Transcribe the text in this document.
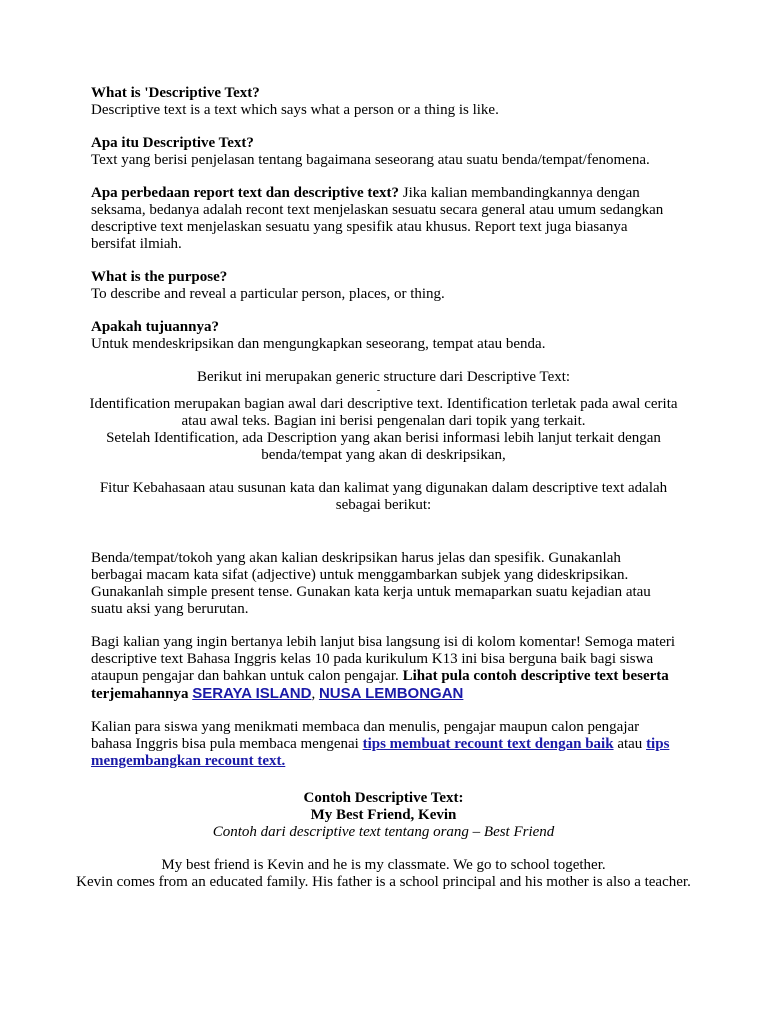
What is 'Descriptive Text?

Descriptive text is a text which says what a person or a thing is like.

Apa itu Descriptive Text?

Text yang berisi penjelasan tentang bagaimana seseorang atau suatu benda/tempat/fenomena.

Apa perbedaan report text dan descriptive text? Jika kalian membandingkannya dengan seksama, bedanya adalah recont text menjelaskan sesuatu secara general atau umum sedangkan descriptive text menjelaskan sesuatu yang spesifik atau khusus. Report text juga biasanya bersifat ilmiah.

What is the purpose?

To describe and reveal a particular person, places, or thing.

Apakah tujuannya?

Untuk mendeskripsikan dan mengungkapkan seseorang, tempat atau benda.

Berikut ini merupakan generic structure dari Descriptive Text:

-

Identification merupakan bagian awal dari descriptive text. Identification terletak pada awal cerita atau awal teks. Bagian ini berisi pengenalan dari topik yang terkait.

Setelah Identification, ada Description yang akan berisi informasi lebih lanjut terkait dengan benda/tempat yang akan di deskripsikan,

Fitur Kebahasaan atau susunan kata dan kalimat yang digunakan dalam descriptive text adalah sebagai berikut:

Benda/tempat/tokoh yang akan kalian deskripsikan harus jelas dan spesifik. Gunakanlah berbagai macam kata sifat (adjective) untuk menggambarkan subjek yang dideskripsikan. Gunakanlah simple present tense. Gunakan kata kerja untuk memaparkan suatu kejadian atau suatu aksi yang berurutan.

Bagi kalian yang ingin bertanya lebih lanjut bisa langsung isi di kolom komentar! Semoga materi descriptive text Bahasa Inggris kelas 10 pada kurikulum K13 ini bisa berguna baik bagi siswa ataupun pengajar dan bahkan untuk calon pengajar. Lihat pula contoh descriptive text beserta terjemahannya SERAYA ISLAND, NUSA LEMBONGAN

Kalian para siswa yang menikmati membaca dan menulis, pengajar maupun calon pengajar bahasa Inggris bisa pula membaca mengenai tips membuat recount text dengan baik atau tips mengembangkan recount text.

Contoh Descriptive Text:

My Best Friend, Kevin

Contoh dari descriptive text tentang orang – Best Friend

My best friend is Kevin and he is my classmate. We go to school together.

Kevin comes from an educated family. His father is a school principal and his mother is also a teacher.
